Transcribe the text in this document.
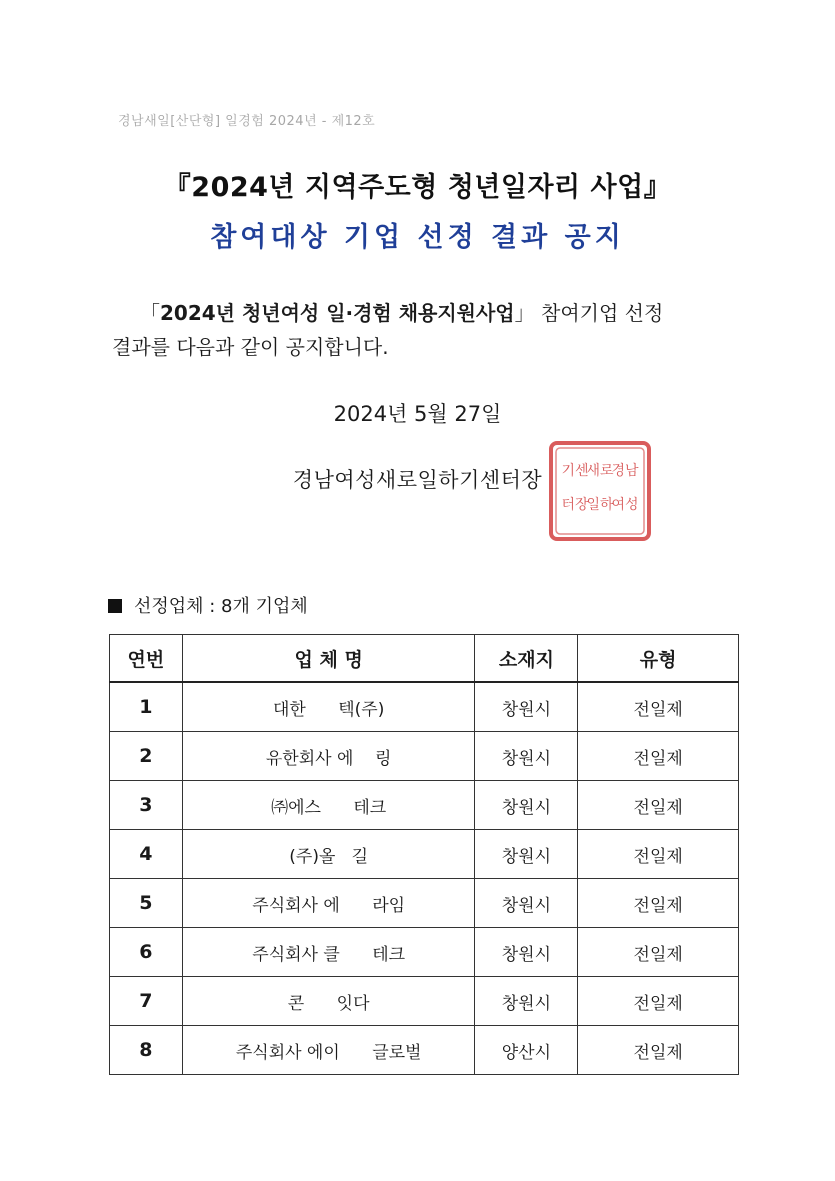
경남새일[산단형] 일경험 2024년 - 제12호
『2024년 지역주도형 청년일자리 사업』
참여대상 기업 선정 결과 공지
「2024년 청년여성 일·경험 채용지원사업」 참여기업 선정
결과를 다음과 같이 공지합니다.
2024년 5월 27일
경남여성새로일하기센터장	경남
여성
새로
일하
기센
터장
선정업체 : 8개 기업체
연번	업 체 명	소재지	유형
1	대한      텍(주)	창원시	전일제
2	유한회사 에    링	창원시	전일제
3	㈜에스      테크	창원시	전일제
4	(주)올   길	창원시	전일제
5	주식회사 에      라임	창원시	전일제
6	주식회사 클      테크	창원시	전일제
7	콘      잇다	창원시	전일제
8	주식회사 에이      글로벌	양산시	전일제
